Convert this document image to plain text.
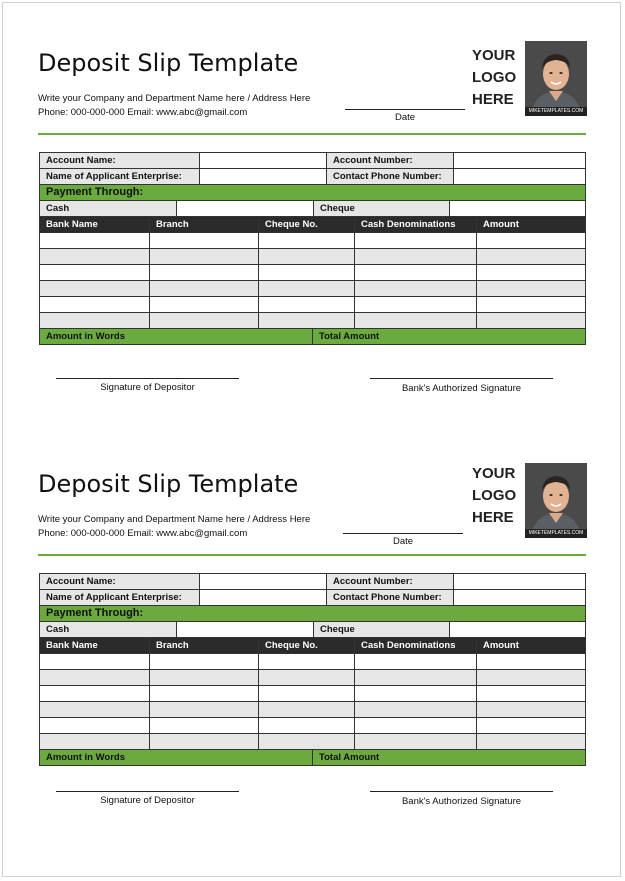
Deposit Slip Template
Write your Company and Department Name here / Address Here
Phone: 000-000-000 Email: www.abc@gmail.com	Date
YOUR
LOGO
HERE
MIKETEMPLATES.COM
Account Name:	Account Number:
Name of Applicant Enterprise:	Contact Phone Number:
Payment Through:
Cash	Cheque
Bank Name	Branch	Cheque No.	Cash Denominations	Amount
Amount in Words	Total Amount
Signature of Depositor	Bank's Authorized Signature
Deposit Slip Template
Write your Company and Department Name here / Address Here
Phone: 000-000-000 Email: www.abc@gmail.com
Date
YOUR
LOGO
HERE
MIKETEMPLATES.COM
Account Name:	Account Number:
Name of Applicant Enterprise:	Contact Phone Number:
Payment Through:
Cash	Cheque
Bank Name	Branch	Cheque No.	Cash Denominations	Amount
Amount in Words	Total Amount
Signature of Depositor	Bank's Authorized Signature
